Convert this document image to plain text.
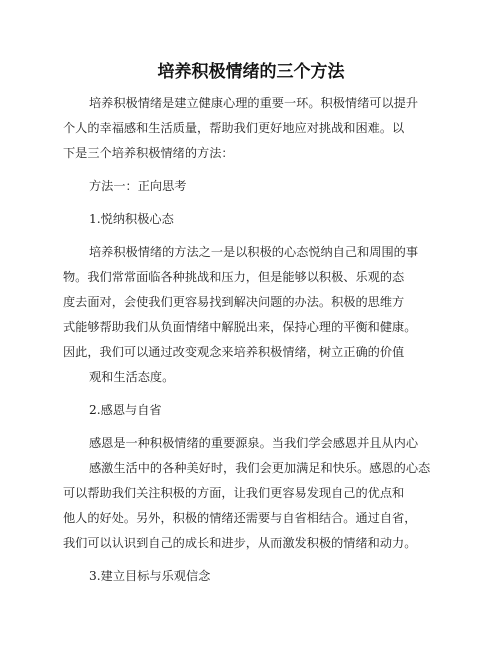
培养积极情绪的三个方法

培养积极情绪是建立健康心理的重要一环。积极情绪可以提升

个人的幸福感和生活质量，帮助我们更好地应对挑战和困难。以

下是三个培养积极情绪的方法：

方法一：正向思考

1.悦纳积极心态

培养积极情绪的方法之一是以积极的心态悦纳自己和周围的事

物。我们常常面临各种挑战和压力，但是能够以积极、乐观的态

度去面对，会使我们更容易找到解决问题的办法。积极的思维方

式能够帮助我们从负面情绪中解脱出来，保持心理的平衡和健康。

因此，我们可以通过改变观念来培养积极情绪，树立正确的价值

观和生活态度。

2.感恩与自省

感恩是一种积极情绪的重要源泉。当我们学会感恩并且从内心

感激生活中的各种美好时，我们会更加满足和快乐。感恩的心态

可以帮助我们关注积极的方面，让我们更容易发现自己的优点和

他人的好处。另外，积极的情绪还需要与自省相结合。通过自省，

我们可以认识到自己的成长和进步，从而激发积极的情绪和动力。

3.建立目标与乐观信念
